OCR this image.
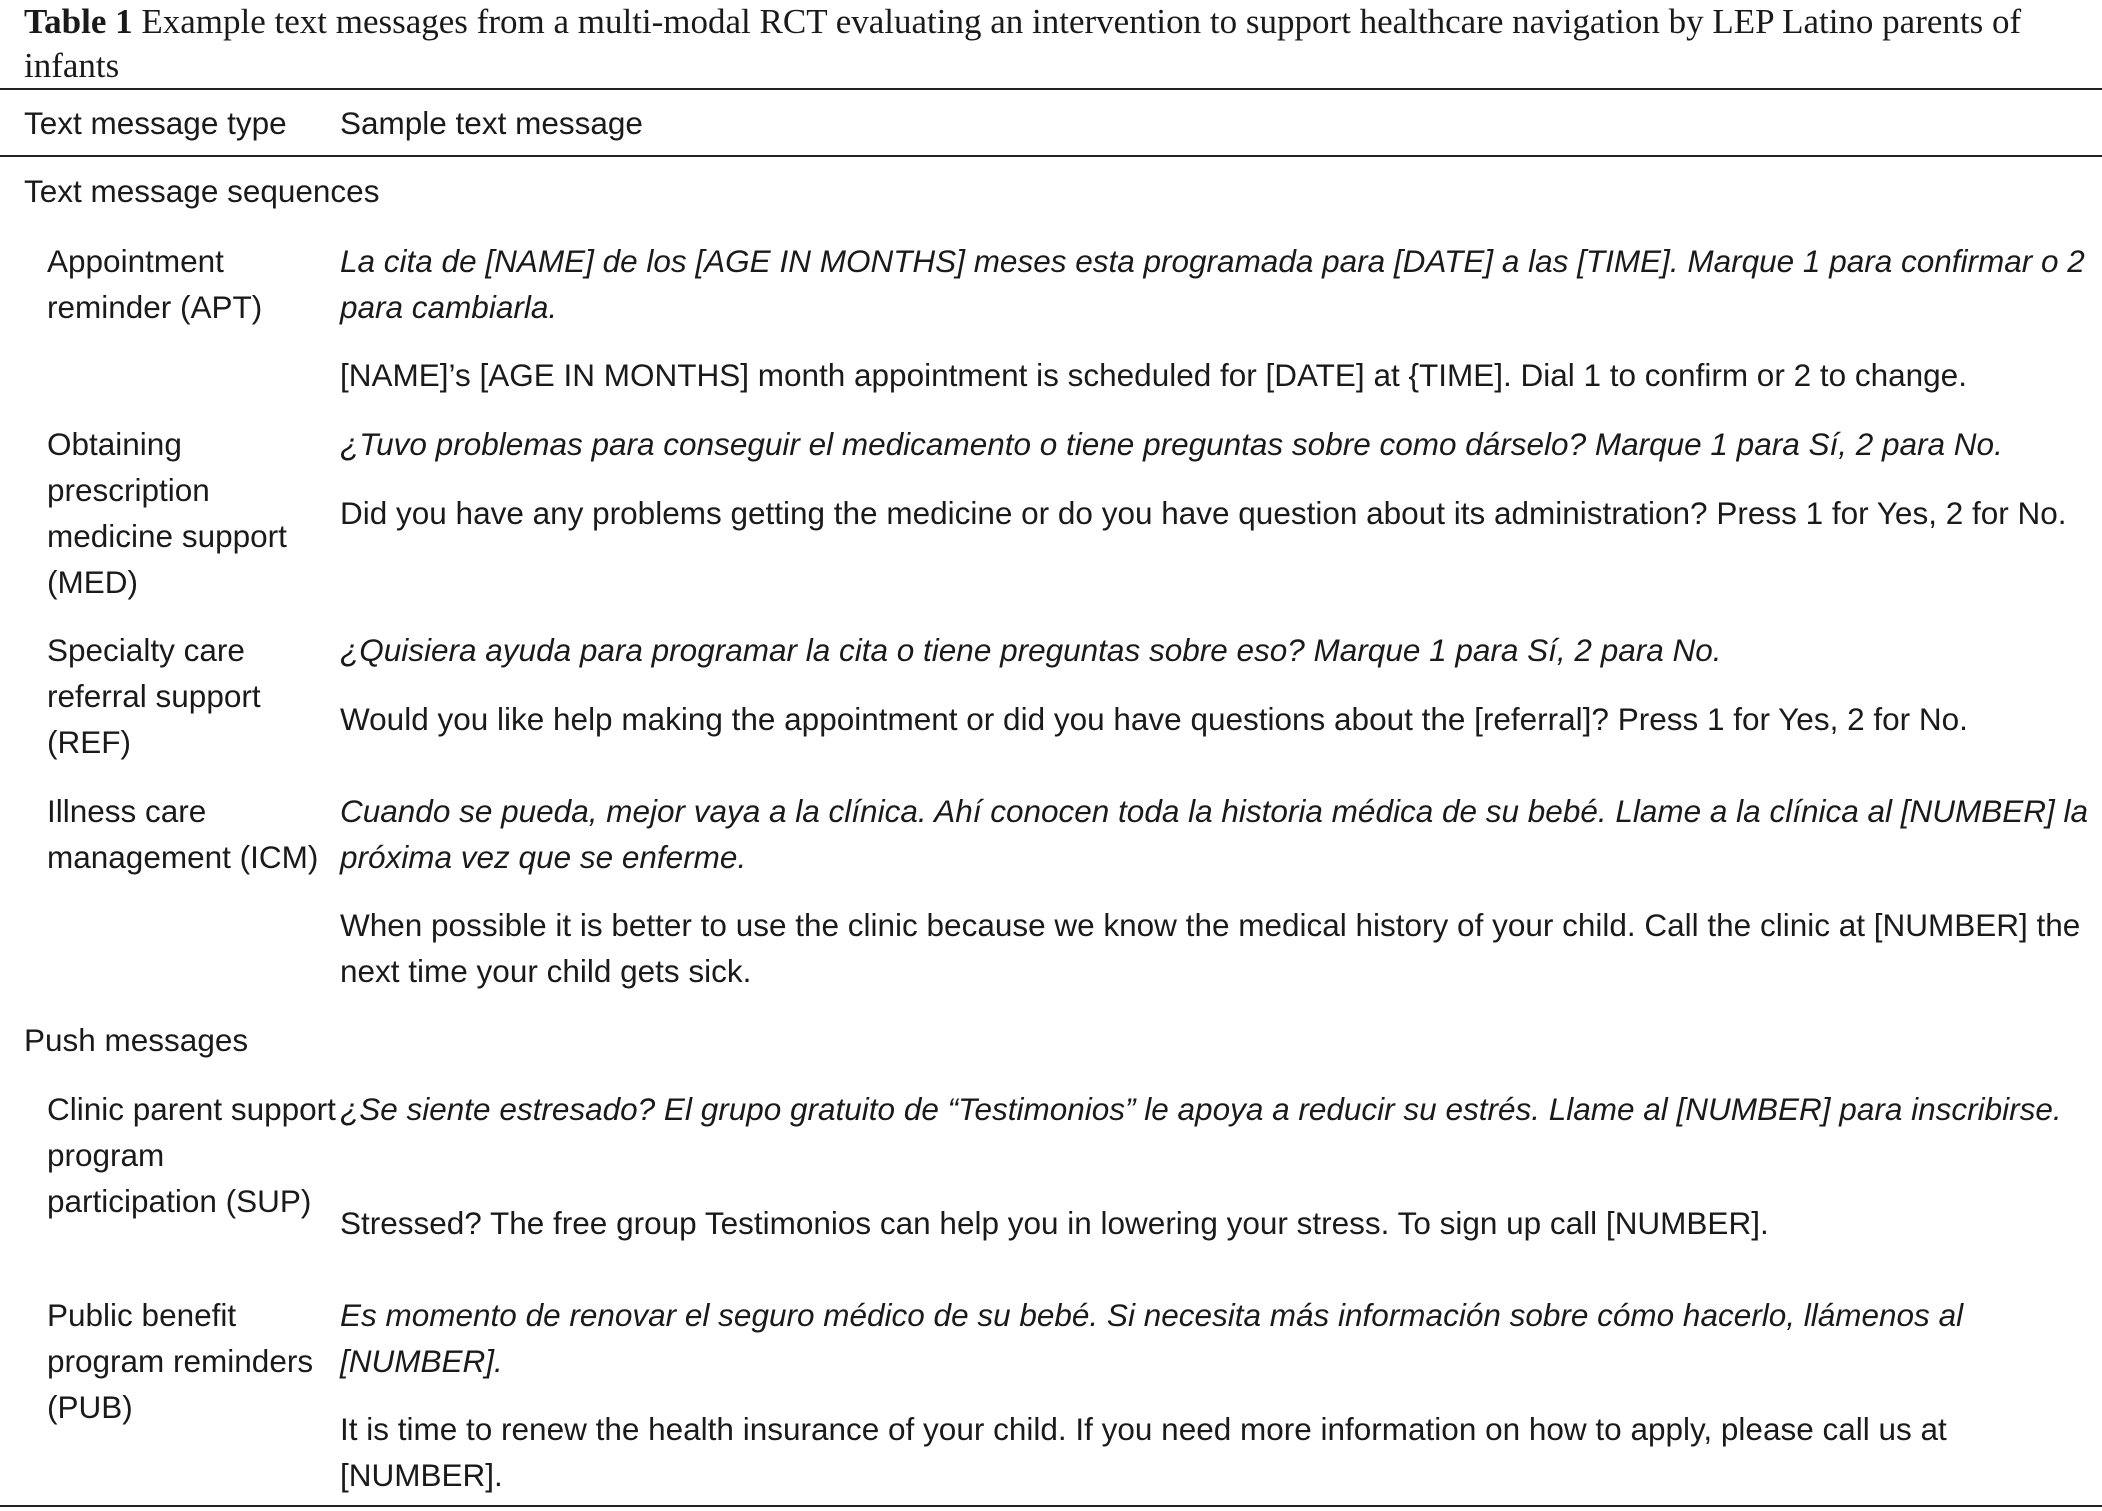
Table 1 Example text messages from a multi-modal RCT evaluating an intervention to support healthcare navigation by LEP Latino parents of infants
Text message type Sample text message
Text message sequences
Appointment reminder (APT)
La cita de [NAME] de los [AGE IN MONTHS] meses esta programada para [DATE] a las [TIME]. Marque 1 para confirmar o 2 para cambiarla.
[NAME]’s [AGE IN MONTHS] month appointment is scheduled for [DATE] at {TIME]. Dial 1 to confirm or 2 to change.
Obtaining prescription medicine support (MED)
¿Tuvo problemas para conseguir el medicamento o tiene preguntas sobre como dárselo? Marque 1 para Sí, 2 para No.
Did you have any problems getting the medicine or do you have question about its administration? Press 1 for Yes, 2 for No.
Specialty care referral support (REF)
¿Quisiera ayuda para programar la cita o tiene preguntas sobre eso? Marque 1 para Sí, 2 para No.
Would you like help making the appointment or did you have questions about the [referral]? Press 1 for Yes, 2 for No.
Illness care management (ICM)
Cuando se pueda, mejor vaya a la clínica. Ahí conocen toda la historia médica de su bebé. Llame a la clínica al [NUMBER] la próxima vez que se enferme.
When possible it is better to use the clinic because we know the medical history of your child. Call the clinic at [NUMBER] the next time your child gets sick.
Push messages
Clinic parent support program participation (SUP)
¿Se siente estresado? El grupo gratuito de “Testimonios” le apoya a reducir su estrés. Llame al [NUMBER] para inscribirse.
Stressed? The free group Testimonios can help you in lowering your stress. To sign up call [NUMBER].
Public benefit program reminders (PUB)
Es momento de renovar el seguro médico de su bebé. Si necesita más información sobre cómo hacerlo, llámenos al [NUMBER].
It is time to renew the health insurance of your child. If you need more information on how to apply, please call us at [NUMBER].
